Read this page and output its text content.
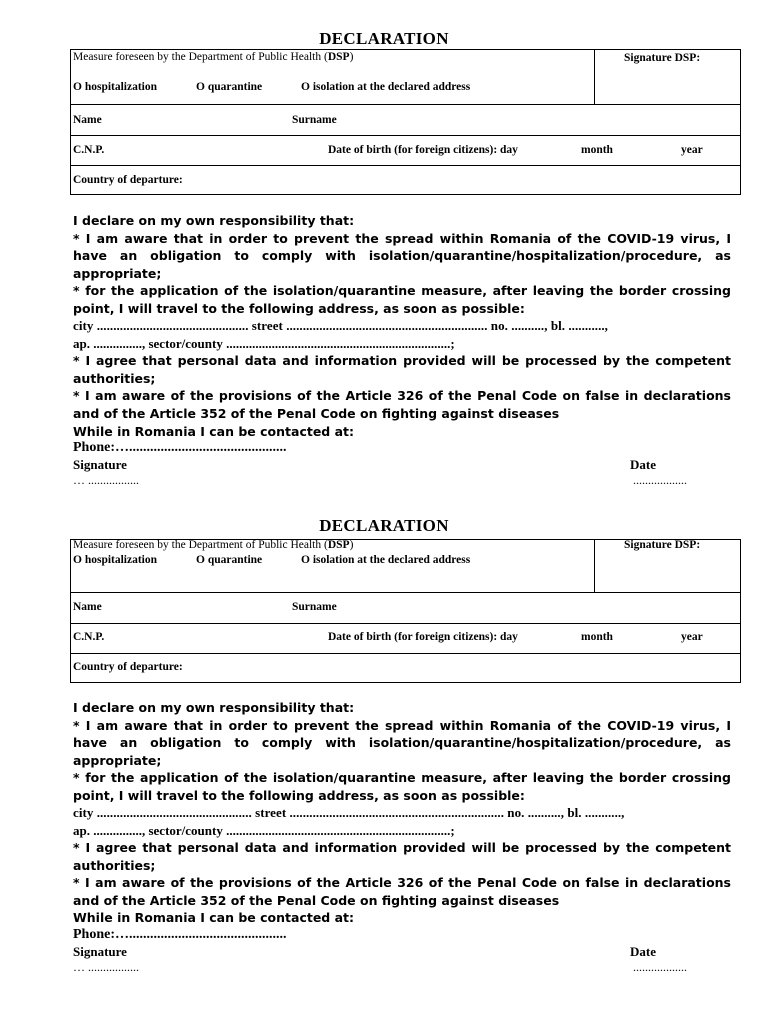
DECLARATION
Measure foreseen by the Department of Public Health (DSP)
O hospitalization	O quarantine	O isolation at the declared address
Signature DSP:
Name	Surname
C.N.P.	Date of birth (for foreign citizens): day	month	year
Country of departure:

I declare on my own responsibility that:

* I am aware that in order to prevent the spread within Romania of the COVID-19 virus, I have an obligation to comply with isolation/quarantine/hospitalization/procedure, as appropriate;

* for the application of the isolation/quarantine measure, after leaving the border crossing point, I will travel to the following address, as soon as possible:

city .............................................. street ............................................................. no. .........., bl. ...........,

ap. ..............., sector/county .....................................................................;

* I agree that personal data and information provided will be processed by the competent authorities;

* I am aware of the provisions of the Article 326 of the Penal Code on false in declarations and of the Article 352 of the Penal Code on fighting against diseases

While in Romania I can be contacted at:
Phone:….............................................
Signature
… .................
Date
..................
DECLARATION
Measure foreseen by the Department of Public Health (DSP)
O hospitalization	O quarantine	O isolation at the declared address
Signature DSP:
Name	Surname
C.N.P.	Date of birth (for foreign citizens): day	month	year
Country of departure:

I declare on my own responsibility that:

* I am aware that in order to prevent the spread within Romania of the COVID-19 virus, I have an obligation to comply with isolation/quarantine/hospitalization/procedure, as appropriate;

* for the application of the isolation/quarantine measure, after leaving the border crossing point, I will travel to the following address, as soon as possible:

city ............................................... street ................................................................. no. .........., bl. ...........,

ap. ..............., sector/county .....................................................................;

* I agree that personal data and information provided will be processed by the competent authorities;

* I am aware of the provisions of the Article 326 of the Penal Code on false in declarations and of the Article 352 of the Penal Code on fighting against diseases

While in Romania I can be contacted at:
Phone:….............................................
Signature
… .................
Date
..................
